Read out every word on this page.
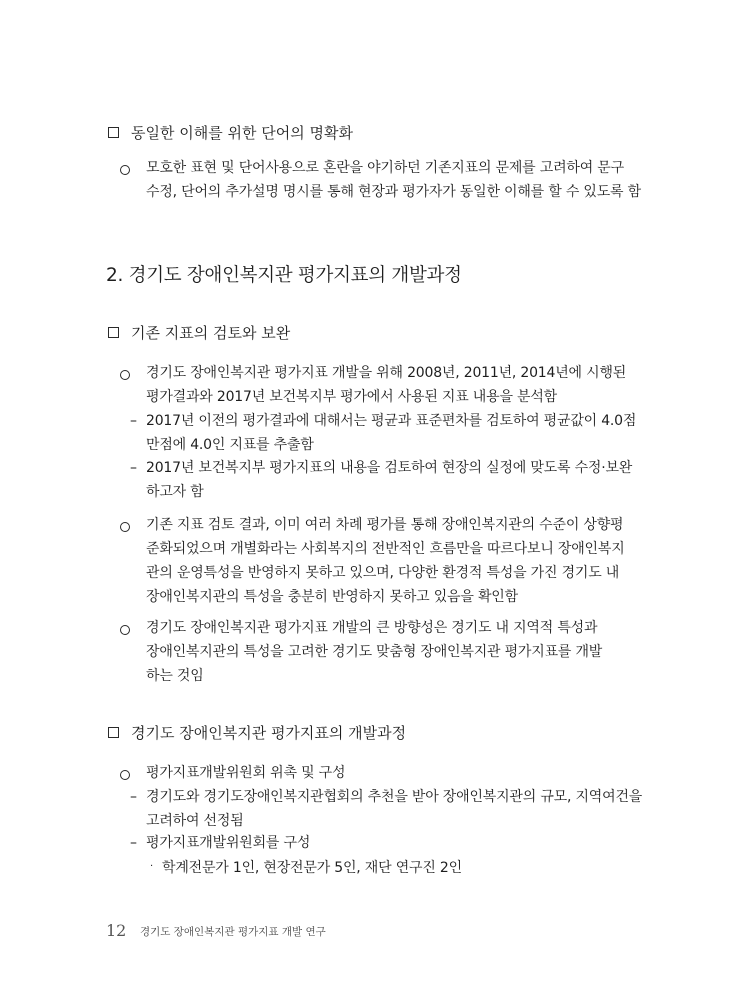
동일한 이해를 위한 단어의 명확화
모호한 표현 및 단어사용으로 혼란을 야기하던 기존지표의 문제를 고려하여 문구
수정, 단어의 추가설명 명시를 통해 현장과 평가자가 동일한 이해를 할 수 있도록 함
2. 경기도 장애인복지관 평가지표의 개발과정
기존 지표의 검토와 보완
경기도 장애인복지관 평가지표 개발을 위해 2008년, 2011년, 2014년에 시행된
평가결과와 2017년 보건복지부 평가에서 사용된 지표 내용을 분석함
– 2017년 이전의 평가결과에 대해서는 평균과 표준편차를 검토하여 평균값이 4.0점
만점에 4.0인 지표를 추출함
– 2017년 보건복지부 평가지표의 내용을 검토하여 현장의 실정에 맞도록 수정·보완
하고자 함
기존 지표 검토 결과, 이미 여러 차례 평가를 통해 장애인복지관의 수준이 상향평
준화되었으며 개별화라는 사회복지의 전반적인 흐름만을 따르다보니 장애인복지
관의 운영특성을 반영하지 못하고 있으며, 다양한 환경적 특성을 가진 경기도 내
장애인복지관의 특성을 충분히 반영하지 못하고 있음을 확인함
경기도 장애인복지관 평가지표 개발의 큰 방향성은 경기도 내 지역적 특성과
장애인복지관의 특성을 고려한 경기도 맞춤형 장애인복지관 평가지표를 개발
하는 것임
경기도 장애인복지관 평가지표의 개발과정
평가지표개발위원회 위촉 및 구성
– 경기도와 경기도장애인복지관협회의 추천을 받아 장애인복지관의 규모, 지역여건을
고려하여 선정됨
– 평가지표개발위원회를 구성
· 학계전문가 1인, 현장전문가 5인, 재단 연구진 2인
12 경기도 장애인복지관 평가지표 개발 연구
